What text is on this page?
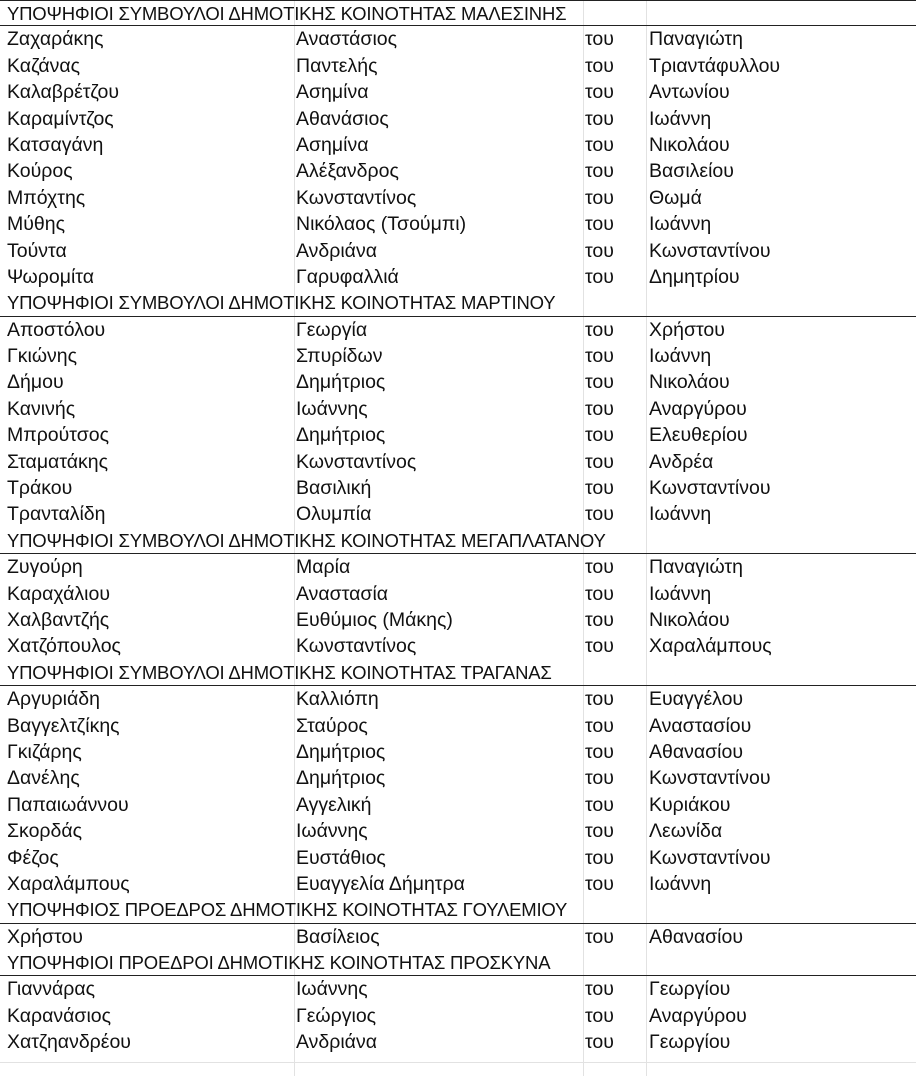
ΥΠΟΨΗΦΙΟΙ ΣΥΜΒΟΥΛΟΙ ΔΗΜΟΤΙΚΗΣ ΚΟΙΝΟΤΗΤΑΣ ΜΑΛΕΣΙΝΗΣ
Ζαχαράκης	Αναστάσιος	του Παναγιώτη
Καζάνας	Παντελής	του Τριαντάφυλλου
Καλαβρέτζου	Ασημίνα	του Αντωνίου
Καραμίντζος	Αθανάσιος	του Ιωάννη
Κατσαγάνη	Ασημίνα	του Νικολάου
Κούρος	Αλέξανδρος	του Βασιλείου
Μπόχτης	Κωνσταντίνος	του Θωμά
Μύθης	Νικόλαος (Τσούμπι)	του Ιωάννη
Τούντα	Ανδριάνα	του Κωνσταντίνου
Ψωρομίτα	Γαρυφαλλιά	του Δημητρίου
ΥΠΟΨΗΦΙΟΙ ΣΥΜΒΟΥΛΟΙ ΔΗΜΟΤΙΚΗΣ ΚΟΙΝΟΤΗΤΑΣ ΜΑΡΤΙΝΟΥ
Αποστόλου	Γεωργία	του Χρήστου
Γκιώνης	Σπυρίδων	του Ιωάννη
Δήμου	Δημήτριος	του Νικολάου
Κανινής	Ιωάννης	του Αναργύρου
Μπρούτσος	Δημήτριος	του Ελευθερίου
Σταματάκης	Κωνσταντίνος	του Ανδρέα
Τράκου	Βασιλική	του Κωνσταντίνου
Τρανταλίδη	Ολυμπία	του Ιωάννη
ΥΠΟΨΗΦΙΟΙ ΣΥΜΒΟΥΛΟΙ ΔΗΜΟΤΙΚΗΣ ΚΟΙΝΟΤΗΤΑΣ ΜΕΓΑΠΛΑΤΑΝΟΥ
Ζυγούρη	Μαρία	του Παναγιώτη
Καραχάλιου	Αναστασία	του Ιωάννη
Χαλβαντζής	Ευθύμιος (Μάκης)	του Νικολάου
Χατζόπουλος	Κωνσταντίνος	του Χαραλάμπους
ΥΠΟΨΗΦΙΟΙ ΣΥΜΒΟΥΛΟΙ ΔΗΜΟΤΙΚΗΣ ΚΟΙΝΟΤΗΤΑΣ ΤΡΑΓΑΝΑΣ
Αργυριάδη	Καλλιόπη	του Ευαγγέλου
Βαγγελτζίκης	Σταύρος	του Αναστασίου
Γκιζάρης	Δημήτριος	του Αθανασίου
Δανέλης	Δημήτριος	του Κωνσταντίνου
Παπαιωάννου	Αγγελική	του Κυριάκου
Σκορδάς	Ιωάννης	του Λεωνίδα
Φέζος	Ευστάθιος	του Κωνσταντίνου
Χαραλάμπους	Ευαγγελία Δήμητρα	του Ιωάννη
ΥΠΟΨΗΦΙΟΣ ΠΡΟΕΔΡΟΣ ΔΗΜΟΤΙΚΗΣ ΚΟΙΝΟΤΗΤΑΣ ΓΟΥΛΕΜΙΟΥ
Χρήστου	Βασίλειος	του Αθανασίου
ΥΠΟΨΗΦΙΟΙ ΠΡΟΕΔΡΟΙ ΔΗΜΟΤΙΚΗΣ ΚΟΙΝΟΤΗΤΑΣ ΠΡΟΣΚΥΝΑ
Γιαννάρας	Ιωάννης	του Γεωργίου
Καρανάσιος	Γεώργιος	του Αναργύρου
Χατζηανδρέου	Ανδριάνα	του Γεωργίου
